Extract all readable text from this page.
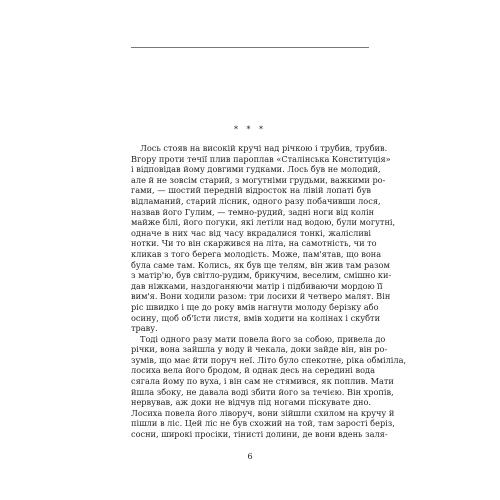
* * *

Лось стояв на високій кручі над річкою і трубив, трубив.
Вгору проти течії плив пароплав «Сталінська Конституція»
і відповідав йому довгими гудками. Лось був не молодий,
але й не зовсім старий, з могутніми грудьми, важкими ро-
гами, — шостий передній відросток на лівій лопаті був
відламаний, старий лісник, одного разу побачивши лося,
назвав його Гулим, — темно-рудий, задні ноги від колін
майже білі, його погуки, які летіли над водою, були могутні,
одначе в них час від часу вкрадалися тонкі, жалісливі
нотки. Чи то він скаржився на літа, на самотність, чи то
кликав з того берега молодість. Може, пам'ятав, що вона
була саме там. Колись, як був ще телям, він жив там разом
з матір'ю, був світло-рудим, брикучим, веселим, смішно ки-
дав ніжками, наздоганяючи матір і підбиваючи мордою її
вим'я. Вони ходили разом: три лосихи й четверо малят. Він
ріс швидко і ще до року вмів нагнути молоду берізку або
осину, щоб об'їсти листя, вмів ходити на колінах і скубти
траву.

Тоді одного разу мати повела його за собою, привела до
річки, вона зайшла у воду й чекала, доки зайде він, він ро-
зумів, що має йти поруч неї. Літо було спекотне, ріка обміліла,
лосиха вела його бродом, й однак десь на середині вода
сягала йому по вуха, і він сам не стямився, як поплив. Мати
йшла збоку, не давала воді збити його за течією. Він хропів,
нервував, аж доки не відчув під ногами піскувате дно.
Лосиха повела його ліворуч, вони зійшли схилом на кручу й
пішли в ліс. Цей ліс не був схожий на той, там зарості беріз,
сосни, широкі просіки, тінисті долини, де вони вдень заля-

6
